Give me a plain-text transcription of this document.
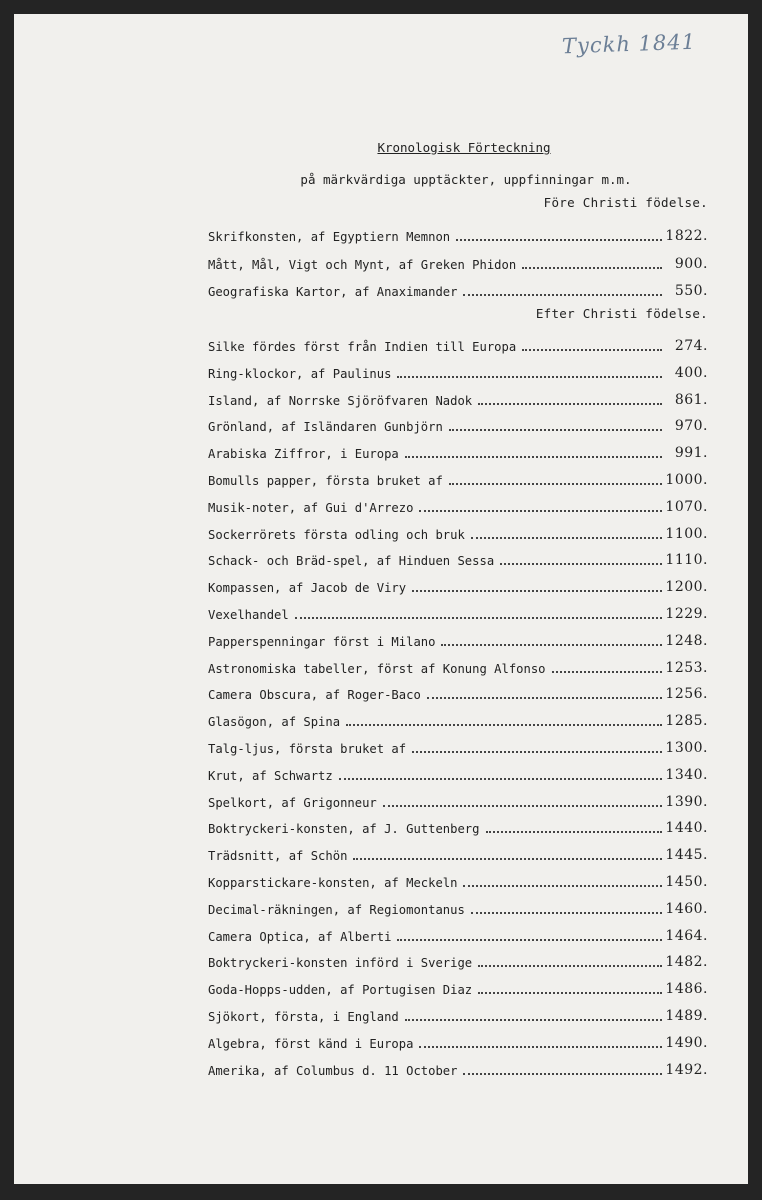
Tyckh 1841
Kronologisk Förteckning
på märkvärdiga upptäckter, uppfinningar m.m.
Före Christi födelse.
Skrifkonsten, af Egyptiern Memnon	1822.
Mått, Mål, Vigt och Mynt, af Greken Phidon	900.
Geografiska Kartor, af Anaximander	550.
Efter Christi födelse.
Silke fördes först från Indien till Europa	274.
Ring-klockor, af Paulinus	400.
Island, af Norrske Sjöröfvaren Nadok	861.
Grönland, af Isländaren Gunbjörn	970.
Arabiska Ziffror, i Europa	991.
Bomulls papper, första bruket af	1000.
Musik-noter, af Gui d'Arrezo	1070.
Sockerrörets första odling och bruk	1100.
Schack- och Bräd-spel, af Hinduen Sessa	1110.
Kompassen, af Jacob de Viry	1200.
Vexelhandel	1229.
Papperspenningar först i Milano	1248.
Astronomiska tabeller, först af Konung Alfonso	1253.
Camera Obscura, af Roger-Baco	1256.
Glasögon, af Spina	1285.
Talg-ljus, första bruket af	1300.
Krut, af Schwartz	1340.
Spelkort, af Grigonneur	1390.
Boktryckeri-konsten, af J. Guttenberg	1440.
Trädsnitt, af Schön	1445.
Kopparstickare-konsten, af Meckeln	1450.
Decimal-räkningen, af Regiomontanus	1460.
Camera Optica, af Alberti	1464.
Boktryckeri-konsten införd i Sverige	1482.
Goda-Hopps-udden, af Portugisen Diaz	1486.
Sjökort, första, i England	1489.
Algebra, först känd i Europa	1490.
Amerika, af Columbus d. 11 October	1492.
